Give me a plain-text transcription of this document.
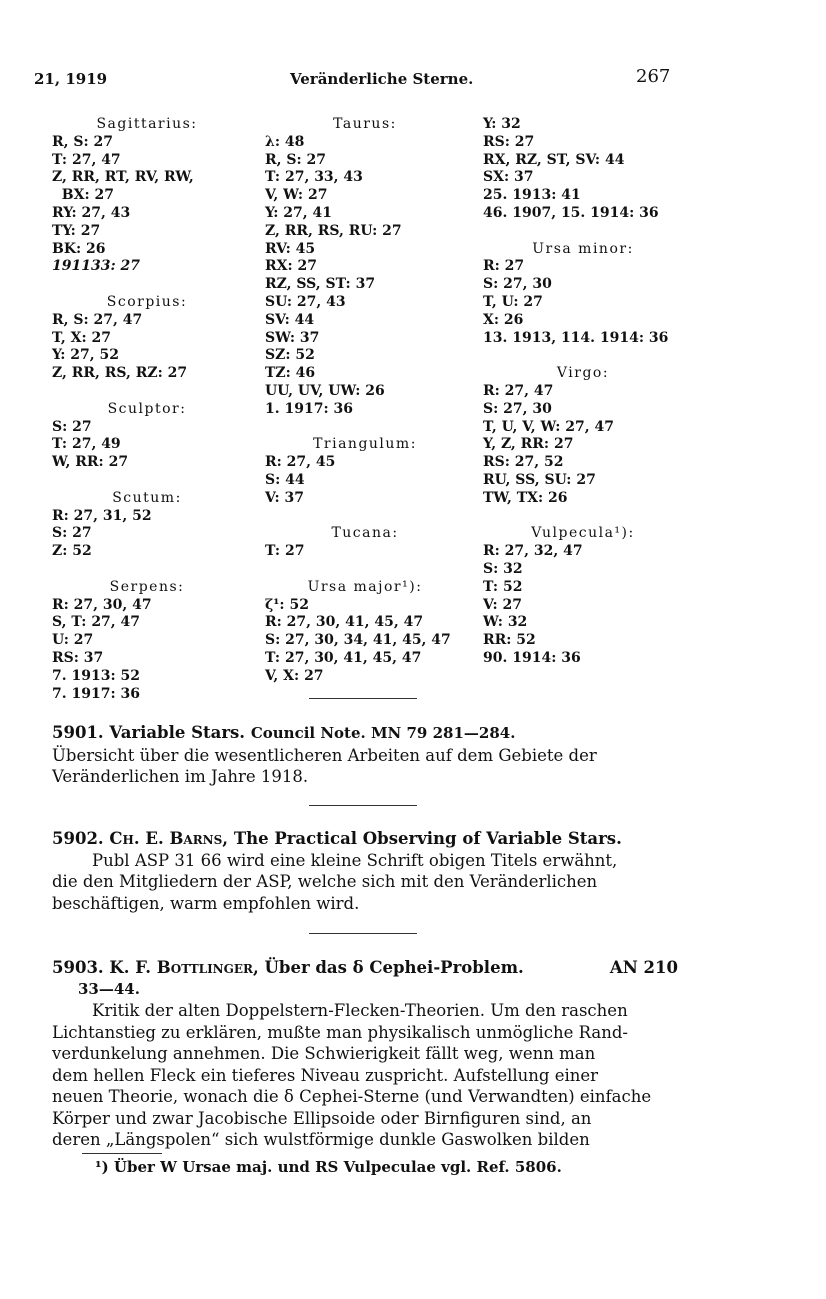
21, 1919	Veränderliche Sterne.	267
Sagittarius:
R, S: 27
T: 27, 47
Z, RR, RT, RV, RW,
BX: 27
RY: 27, 43
TY: 27
BK: 26
191133: 27
Scorpius:
R, S: 27, 47
T, X: 27
Y: 27, 52
Z, RR, RS, RZ: 27
Sculptor:
S: 27
T: 27, 49
W, RR: 27
Scutum:
R: 27, 31, 52
S: 27
Z: 52
Serpens:
R: 27, 30, 47
S, T: 27, 47
U: 27
RS: 37
7. 1913: 52
7. 1917: 36
Taurus:
λ: 48
R, S: 27
T: 27, 33, 43
V, W: 27
Y: 27, 41
Z, RR, RS, RU: 27
RV: 45
RX: 27
RZ, SS, ST: 37
SU: 27, 43
SV: 44
SW: 37
SZ: 52
TZ: 46
UU, UV, UW: 26
1. 1917: 36
Triangulum:
R: 27, 45
S: 44
V: 37
Tucana:
T: 27
Ursa major¹):
ζ¹: 52
R: 27, 30, 41, 45, 47
S: 27, 30, 34, 41, 45, 47
T: 27, 30, 41, 45, 47
V, X: 27
Y: 32
RS: 27
RX, RZ, ST, SV: 44
SX: 37
25. 1913: 41
46. 1907, 15. 1914: 36
Ursa minor:
R: 27
S: 27, 30
T, U: 27
X: 26
13. 1913, 114. 1914: 36
Virgo:
R: 27, 47
S: 27, 30
T, U, V, W: 27, 47
Y, Z, RR: 27
RS: 27, 52
RU, SS, SU: 27
TW, TX: 26
Vulpecula¹):
R: 27, 32, 47
S: 32
T: 52
V: 27
W: 32
RR: 52
90. 1914: 36
5901. Variable Stars. Council Note. MN 79 281—284.
Übersicht über die wesentlicheren Arbeiten auf dem Gebiete der
Veränderlichen im Jahre 1918.
5902. Ch. E. Barns, The Practical Observing of Variable Stars.
Publ ASP 31 66 wird eine kleine Schrift obigen Titels erwähnt,
die den Mitgliedern der ASP, welche sich mit den Veränderlichen
beschäftigen, warm empfohlen wird.
5903. K. F. Bottlinger, Über das δ Cephei-Problem.	AN 210
33—44.
Kritik der alten Doppelstern-Flecken-Theorien. Um den raschen
Lichtanstieg zu erklären, mußte man physikalisch unmögliche Rand-
verdunkelung annehmen. Die Schwierigkeit fällt weg, wenn man
dem hellen Fleck ein tieferes Niveau zuspricht. Aufstellung einer
neuen Theorie, wonach die δ Cephei-Sterne (und Verwandten) einfache
Körper und zwar Jacobische Ellipsoide oder Birnfiguren sind, an
deren „Längspolen“ sich wulstförmige dunkle Gaswolken bilden
¹) Über W Ursae maj. und RS Vulpeculae vgl. Ref. 5806.
